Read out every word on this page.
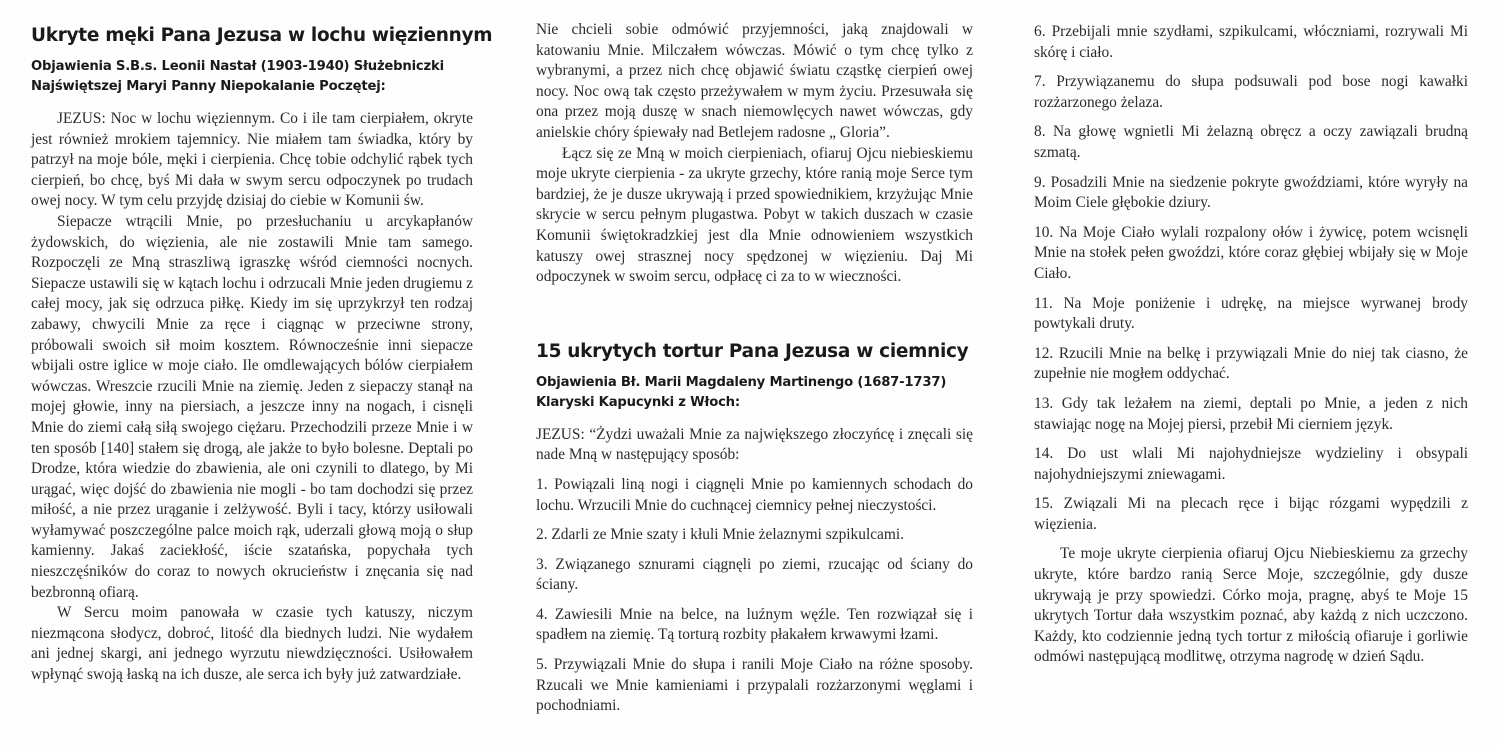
Ukryte męki Pana Jezusa w lochu więziennym
Objawienia S.B.s. Leonii Nastał (1903-1940) Służebniczki Najświętszej Maryi Panny Niepokalanie Poczętej:

JEZUS: Noc w lochu więziennym. Co i ile tam cierpiałem, okryte jest również mrokiem tajemnicy. Nie miałem tam świadka, który by patrzył na moje bóle, męki i cierpienia. Chcę tobie odchylić rąbek tych cierpień, bo chcę, byś Mi dała w swym sercu odpoczynek po trudach owej nocy. W tym celu przyjdę dzisiaj do ciebie w Komunii św.

Siepacze wtrącili Mnie, po przesłuchaniu u arcykapłanów żydowskich, do więzienia, ale nie zostawili Mnie tam samego. Rozpoczęli ze Mną straszliwą igraszkę wśród ciemności nocnych. Siepacze ustawili się w kątach lochu i odrzucali Mnie jeden drugiemu z całej mocy, jak się odrzuca piłkę. Kiedy im się uprzykrzył ten rodzaj zabawy, chwycili Mnie za ręce i ciągnąc w przeciwne strony, próbowali swoich sił moim kosztem. Równocześnie inni siepacze wbijali ostre iglice w moje ciało. Ile omdlewających bólów cierpiałem wówczas. Wreszcie rzucili Mnie na ziemię. Jeden z siepaczy stanął na mojej głowie, inny na piersiach, a jeszcze inny na nogach, i cisnęli Mnie do ziemi całą siłą swojego ciężaru. Przechodzili przeze Mnie i w ten sposób [140] stałem się drogą, ale jakże to było bolesne. Deptali po Drodze, która wiedzie do zbawienia, ale oni czynili to dlatego, by Mi urągać, więc dojść do zbawienia nie mogli - bo tam dochodzi się przez miłość, a nie przez urąganie i zelżywość. Byli i tacy, którzy usiłowali wyłamywać poszczególne palce moich rąk, uderzali głową moją o słup kamienny. Jakaś zaciekłość, iście szatańska, popychała tych nieszczęśników do coraz to nowych okrucieństw i znęcania się nad bezbronną ofiarą.

W Sercu moim panowała w czasie tych katuszy, niczym niezmącona słodycz, dobroć, litość dla biednych ludzi. Nie wydałem ani jednej skargi, ani jednego wyrzutu niewdzięczności. Usiłowałem wpłynąć swoją łaską na ich dusze, ale serca ich były już zatwardziałe.

Nie chcieli sobie odmówić przyjemności, jaką znajdowali w katowaniu Mnie. Milczałem wówczas. Mówić o tym chcę tylko z wybranymi, a przez nich chcę objawić światu cząstkę cierpień owej nocy. Noc ową tak często przeżywałem w mym życiu. Przesuwała się ona przez moją duszę w snach niemowlęcych nawet wówczas, gdy anielskie chóry śpiewały nad Betlejem radosne „ Gloria”.

Łącz się ze Mną w moich cierpieniach, ofiaruj Ojcu niebieskiemu moje ukryte cierpienia - za ukryte grzechy, które ranią moje Serce tym bardziej, że je dusze ukrywają i przed spowiednikiem, krzyżując Mnie skrycie w sercu pełnym plugastwa. Pobyt w takich duszach w czasie Komunii świętokradzkiej jest dla Mnie odnowieniem wszystkich katuszy owej strasznej nocy spędzonej w więzieniu. Daj Mi odpoczynek w swoim sercu, odpłacę ci za to w wieczności.

15 ukrytych tortur Pana Jezusa w ciemnicy
Objawienia Bł. Marii Magdaleny Martinengo (1687-1737) Klaryski Kapucynki z Włoch:

JEZUS: “Żydzi uważali Mnie za największego złoczyńcę i znęcali się nade Mną w następujący sposób:

1. Powiązali liną nogi i ciągnęli Mnie po kamiennych schodach do lochu. Wrzucili Mnie do cuchnącej ciemnicy pełnej nieczystości.

2. Zdarli ze Mnie szaty i kłuli Mnie żelaznymi szpikulcami.

3. Związanego sznurami ciągnęli po ziemi, rzucając od ściany do ściany.

4. Zawiesili Mnie na belce, na luźnym węźle. Ten rozwiązał się i spadłem na ziemię. Tą torturą rozbity płakałem krwawymi łzami.

5. Przywiązali Mnie do słupa i ranili Moje Ciało na różne sposoby. Rzucali we Mnie kamieniami i przypalali rozżarzonymi węglami i pochodniami.

6. Przebijali mnie szydłami, szpikulcami, włóczniami, rozrywali Mi skórę i ciało.

7. Przywiązanemu do słupa podsuwali pod bose nogi kawałki rozżarzonego żelaza.

8. Na głowę wgnietli Mi żelazną obręcz a oczy zawiązali brudną szmatą.

9. Posadzili Mnie na siedzenie pokryte gwoździami, które wyryły na Moim Ciele głębokie dziury.

10. Na Moje Ciało wylali rozpalony ołów i żywicę, potem wcisnęli Mnie na stołek pełen gwoździ, które coraz głębiej wbijały się w Moje Ciało.

11. Na Moje poniżenie i udrękę, na miejsce wyrwanej brody powtykali druty.

12. Rzucili Mnie na belkę i przywiązali Mnie do niej tak ciasno, że zupełnie nie mogłem oddychać.

13. Gdy tak leżałem na ziemi, deptali po Mnie, a jeden z nich stawiając nogę na Mojej piersi, przebił Mi cierniem język.

14. Do ust wlali Mi najohydniejsze wydzieliny i obsypali najohydniejszymi zniewagami.

15. Związali Mi na plecach ręce i bijąc rózgami wypędzili z więzienia.

Te moje ukryte cierpienia ofiaruj Ojcu Niebieskiemu za grzechy ukryte, które bardzo ranią Serce Moje, szczególnie, gdy dusze ukrywają je przy spowiedzi. Córko moja, pragnę, abyś te Moje 15 ukrytych Tortur dała wszystkim poznać, aby każdą z nich uczczono. Każdy, kto codziennie jedną tych tortur z miłością ofiaruje i gorliwie odmówi następującą modlitwę, otrzyma nagrodę w dzień Sądu.
